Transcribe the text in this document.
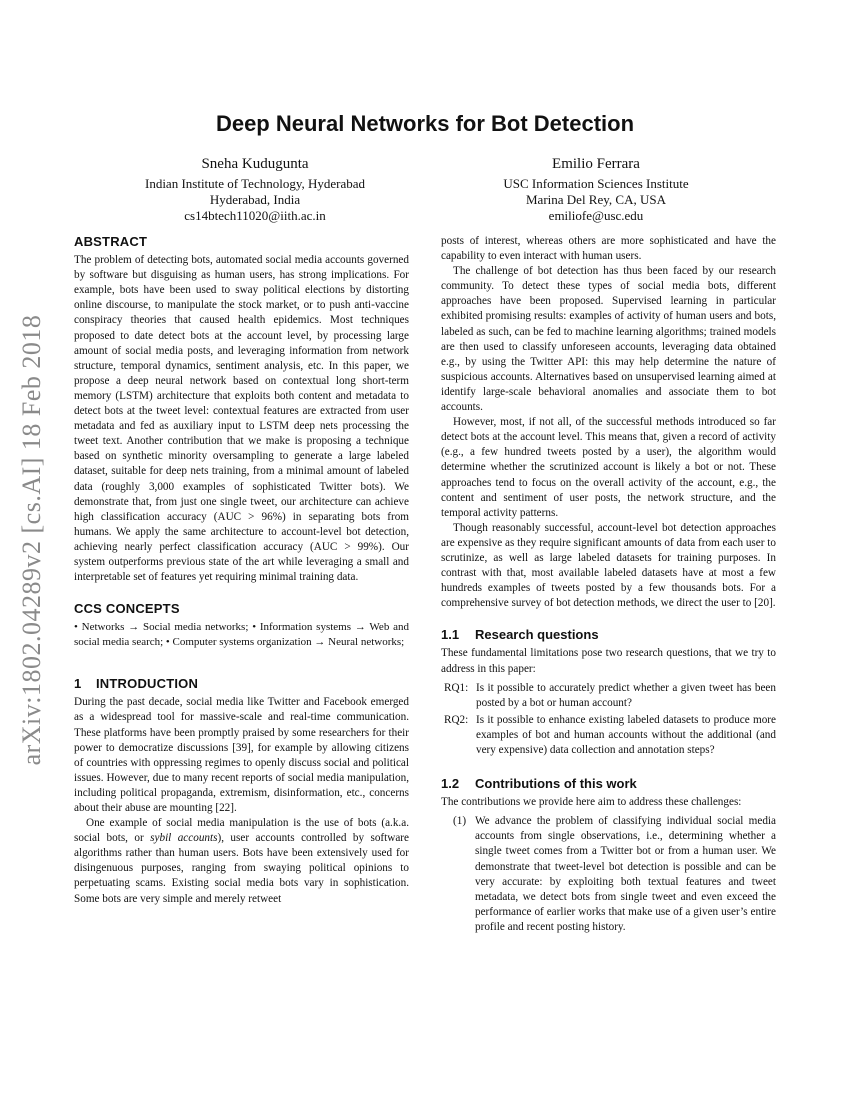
arXiv:1802.04289v2 [cs.AI] 18 Feb 2018
Deep Neural Networks for Bot Detection
Sneha Kudugunta
Indian Institute of Technology, Hyderabad
Hyderabad, India
cs14btech11020@iith.ac.in
Emilio Ferrara
USC Information Sciences Institute
Marina Del Rey, CA, USA
emiliofe@usc.edu
ABSTRACT

The problem of detecting bots, automated social media accounts governed by software but disguising as human users, has strong implications. For example, bots have been used to sway political elections by distorting online discourse, to manipulate the stock market, or to push anti-vaccine conspiracy theories that caused health epidemics. Most techniques proposed to date detect bots at the account level, by processing large amount of social media posts, and leveraging information from network structure, temporal dynamics, sentiment analysis, etc. In this paper, we propose a deep neural network based on contextual long short-term memory (LSTM) architecture that exploits both content and metadata to detect bots at the tweet level: contextual features are extracted from user metadata and fed as auxiliary input to LSTM deep nets processing the tweet text. Another contribution that we make is proposing a technique based on synthetic minority oversampling to generate a large labeled dataset, suitable for deep nets training, from a minimal amount of labeled data (roughly 3,000 examples of sophisticated Twitter bots). We demonstrate that, from just one single tweet, our architecture can achieve high classification accuracy (AUC > 96%) in separating bots from humans. We apply the same architecture to account-level bot detection, achieving nearly perfect classification accuracy (AUC > 99%). Our system outperforms previous state of the art while leveraging a small and interpretable set of features yet requiring minimal training data.

CCS CONCEPTS

• Networks → Social media networks; • Information systems → Web and social media search; • Computer systems organization → Neural networks;

1 INTRODUCTION

During the past decade, social media like Twitter and Facebook emerged as a widespread tool for massive-scale and real-time communication. These platforms have been promptly praised by some researchers for their power to democratize discussions [39], for example by allowing citizens of countries with oppressing regimes to openly discuss social and political issues. However, due to many recent reports of social media manipulation, including political propaganda, extremism, disinformation, etc., concerns about their abuse are mounting [22].

One example of social media manipulation is the use of bots (a.k.a. social bots, or sybil accounts), user accounts controlled by software algorithms rather than human users. Bots have been extensively used for disingenuous purposes, ranging from swaying political opinions to perpetuating scams. Existing social media bots vary in sophistication. Some bots are very simple and merely retweet

posts of interest, whereas others are more sophisticated and have the capability to even interact with human users.

The challenge of bot detection has thus been faced by our research community. To detect these types of social media bots, different approaches have been proposed. Supervised learning in particular exhibited promising results: examples of activity of human users and bots, labeled as such, can be fed to machine learning algorithms; trained models are then used to classify unforeseen accounts, leveraging data obtained e.g., by using the Twitter API: this may help determine the nature of suspicious accounts. Alternatives based on unsupervised learning aimed at identify large-scale behavioral anomalies and associate them to bot accounts.

However, most, if not all, of the successful methods introduced so far detect bots at the account level. This means that, given a record of activity (e.g., a few hundred tweets posted by a user), the algorithm would determine whether the scrutinized account is likely a bot or not. These approaches tend to focus on the overall activity of the account, e.g., the content and sentiment of user posts, the network structure, and the temporal activity patterns.

Though reasonably successful, account-level bot detection approaches are expensive as they require significant amounts of data from each user to scrutinize, as well as large labeled datasets for training purposes. In contrast with that, most available labeled datasets have at most a few hundreds examples of tweets posted by a few thousands bots. For a comprehensive survey of bot detection methods, we direct the user to [20].

1.1 Research questions

These fundamental limitations pose two research questions, that we try to address in this paper:

RQ1: Is it possible to accurately predict whether a given tweet has been posted by a bot or human account?
RQ2: Is it possible to enhance existing labeled datasets to produce more examples of bot and human accounts without the additional (and very expensive) data collection and annotation steps?
1.2 Contributions of this work

The contributions we provide here aim to address these challenges:

(1) We advance the problem of classifying individual social media accounts from single observations, i.e., determining whether a single tweet comes from a Twitter bot or from a human user. We demonstrate that tweet-level bot detection is possible and can be very accurate: by exploiting both textual features and tweet metadata, we detect bots from single tweet and even exceed the performance of earlier works that make use of a given user’s entire profile and recent posting history.
